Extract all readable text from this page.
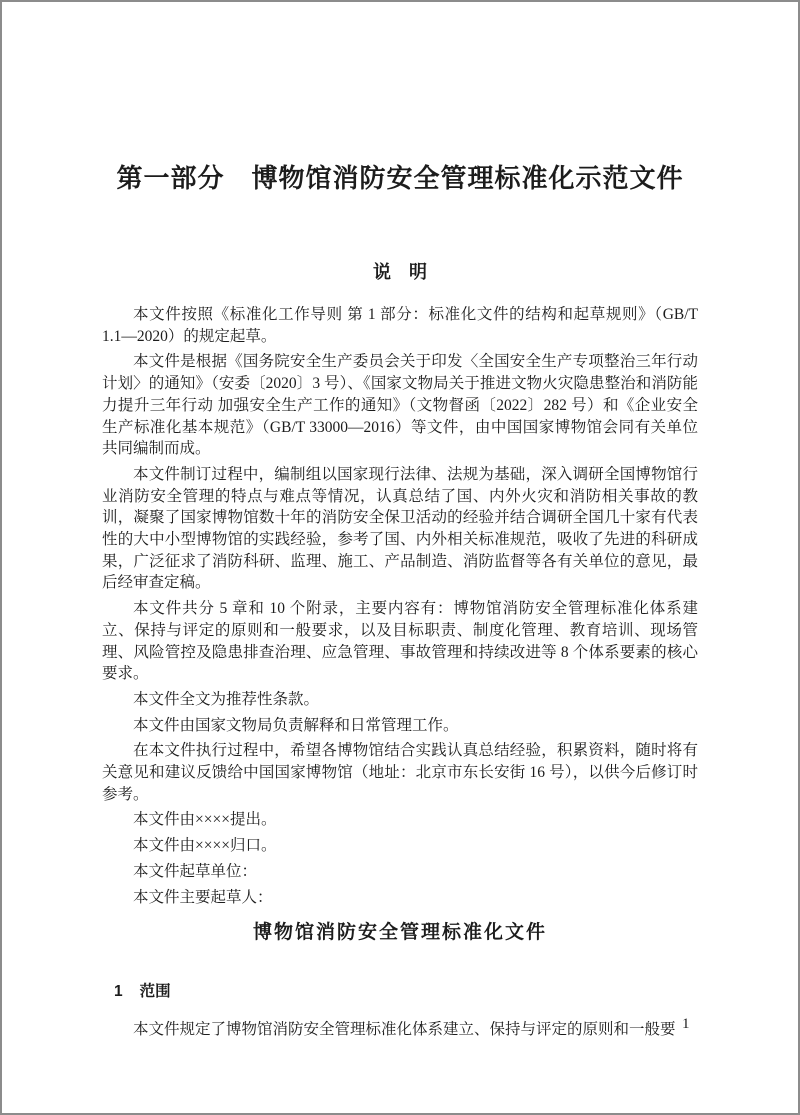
第一部分　博物馆消防安全管理标准化示范文件
说　明

本文件按照《标准化工作导则 第 1 部分：标准化文件的结构和起草规则》（GB/T 1.1—2020）的规定起草。

本文件是根据《国务院安全生产委员会关于印发〈全国安全生产专项整治三年行动计划〉的通知》（安委〔2020〕3 号）、《国家文物局关于推进文物火灾隐患整治和消防能力提升三年行动 加强安全生产工作的通知》（文物督函〔2022〕282 号）和《企业安全生产标准化基本规范》（GB/T 33000—2016）等文件，由中国国家博物馆会同有关单位共同编制而成。

本文件制订过程中，编制组以国家现行法律、法规为基础，深入调研全国博物馆行业消防安全管理的特点与难点等情况，认真总结了国、内外火灾和消防相关事故的教训，凝聚了国家博物馆数十年的消防安全保卫活动的经验并结合调研全国几十家有代表性的大中小型博物馆的实践经验，参考了国、内外相关标准规范，吸收了先进的科研成果，广泛征求了消防科研、监理、施工、产品制造、消防监督等各有关单位的意见，最后经审查定稿。

本文件共分 5 章和 10 个附录，主要内容有：博物馆消防安全管理标准化体系建立、保持与评定的原则和一般要求，以及目标职责、制度化管理、教育培训、现场管理、风险管控及隐患排查治理、应急管理、事故管理和持续改进等 8 个体系要素的核心要求。

本文件全文为推荐性条款。

本文件由国家文物局负责解释和日常管理工作。

在本文件执行过程中，希望各博物馆结合实践认真总结经验，积累资料，随时将有关意见和建议反馈给中国国家博物馆（地址：北京市东长安街 16 号），以供今后修订时参考。

本文件由××××提出。

本文件由××××归口。

本文件起草单位：

本文件主要起草人：

博物馆消防安全管理标准化文件
1 范围

本文件规定了博物馆消防安全管理标准化体系建立、保持与评定的原则和一般要 1
